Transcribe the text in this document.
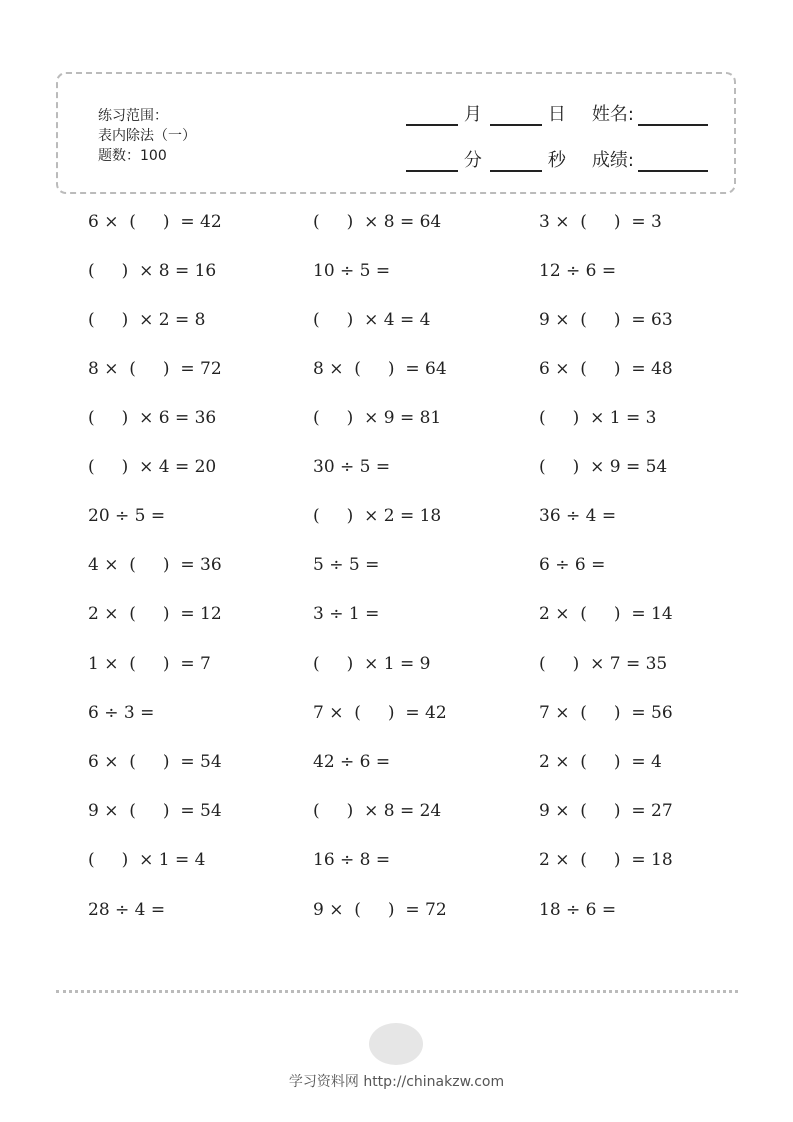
练习范围：
表内除法（一）
题数：100
月	日 姓名:
分	秒 成绩:
6 ×  (     )  = 42	(     )  × 8 = 64	3 ×  (     )  = 3
(     )  × 8 = 16	10 ÷ 5 =	12 ÷ 6 =
(     )  × 2 = 8	(     )  × 4 = 4	9 ×  (     )  = 63
8 ×  (     )  = 72	8 ×  (     )  = 64	6 ×  (     )  = 48
(     )  × 6 = 36	(     )  × 9 = 81	(     )  × 1 = 3
(     )  × 4 = 20	30 ÷ 5 =	(     )  × 9 = 54
20 ÷ 5 =	(     )  × 2 = 18	36 ÷ 4 =
4 ×  (     )  = 36	5 ÷ 5 =	6 ÷ 6 =
2 ×  (     )  = 12	3 ÷ 1 =	2 ×  (     )  = 14
1 ×  (     )  = 7	(     )  × 1 = 9	(     )  × 7 = 35
6 ÷ 3 =	7 ×  (     )  = 42	7 ×  (     )  = 56
6 ×  (     )  = 54	42 ÷ 6 =	2 ×  (     )  = 4
9 ×  (     )  = 54	(     )  × 8 = 24	9 ×  (     )  = 27
(     )  × 1 = 4	16 ÷ 8 =	2 ×  (     )  = 18
28 ÷ 4 =	9 ×  (     )  = 72	18 ÷ 6 =
学习资料网 http://chinakzw.com
